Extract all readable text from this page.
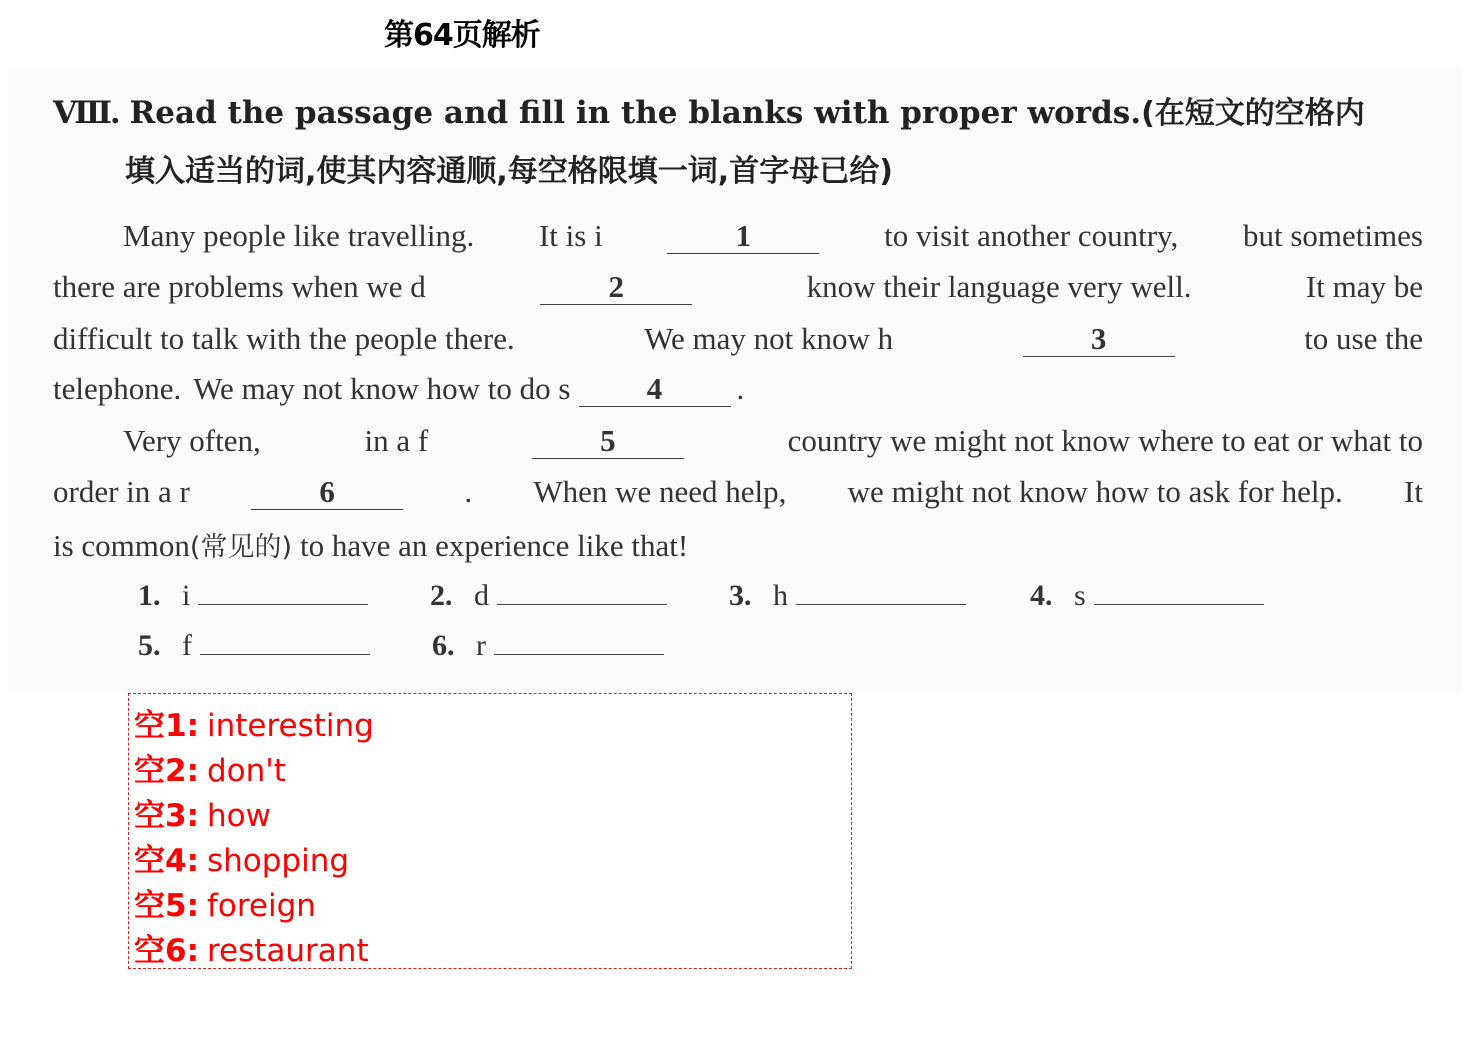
第64页解析
Ⅷ. Read the passage and fill in the blanks with proper words.(在短文的空格内
填入适当的词,使其内容通顺,每空格限填一词,首字母已给)
Many people like travelling. It is i	1	to visit another country, but sometimes
there are problems when we d	2	know their language very well.	It may be
difficult to talk with the people there.	We may not know h	3	to use the
telephone. We may not know how to do s	4	.
Very often,	in a f	5	country we might not know where to eat or what to
order in a r	6	. When we need help, we might not know how to ask for help. It
is common (常见的) to have an experience like that!
1. i	2. d	3. h	4. s
5. f	6. r
空1: interesting
空2: don't
空3: how
空4: shopping
空5: foreign
空6: restaurant
